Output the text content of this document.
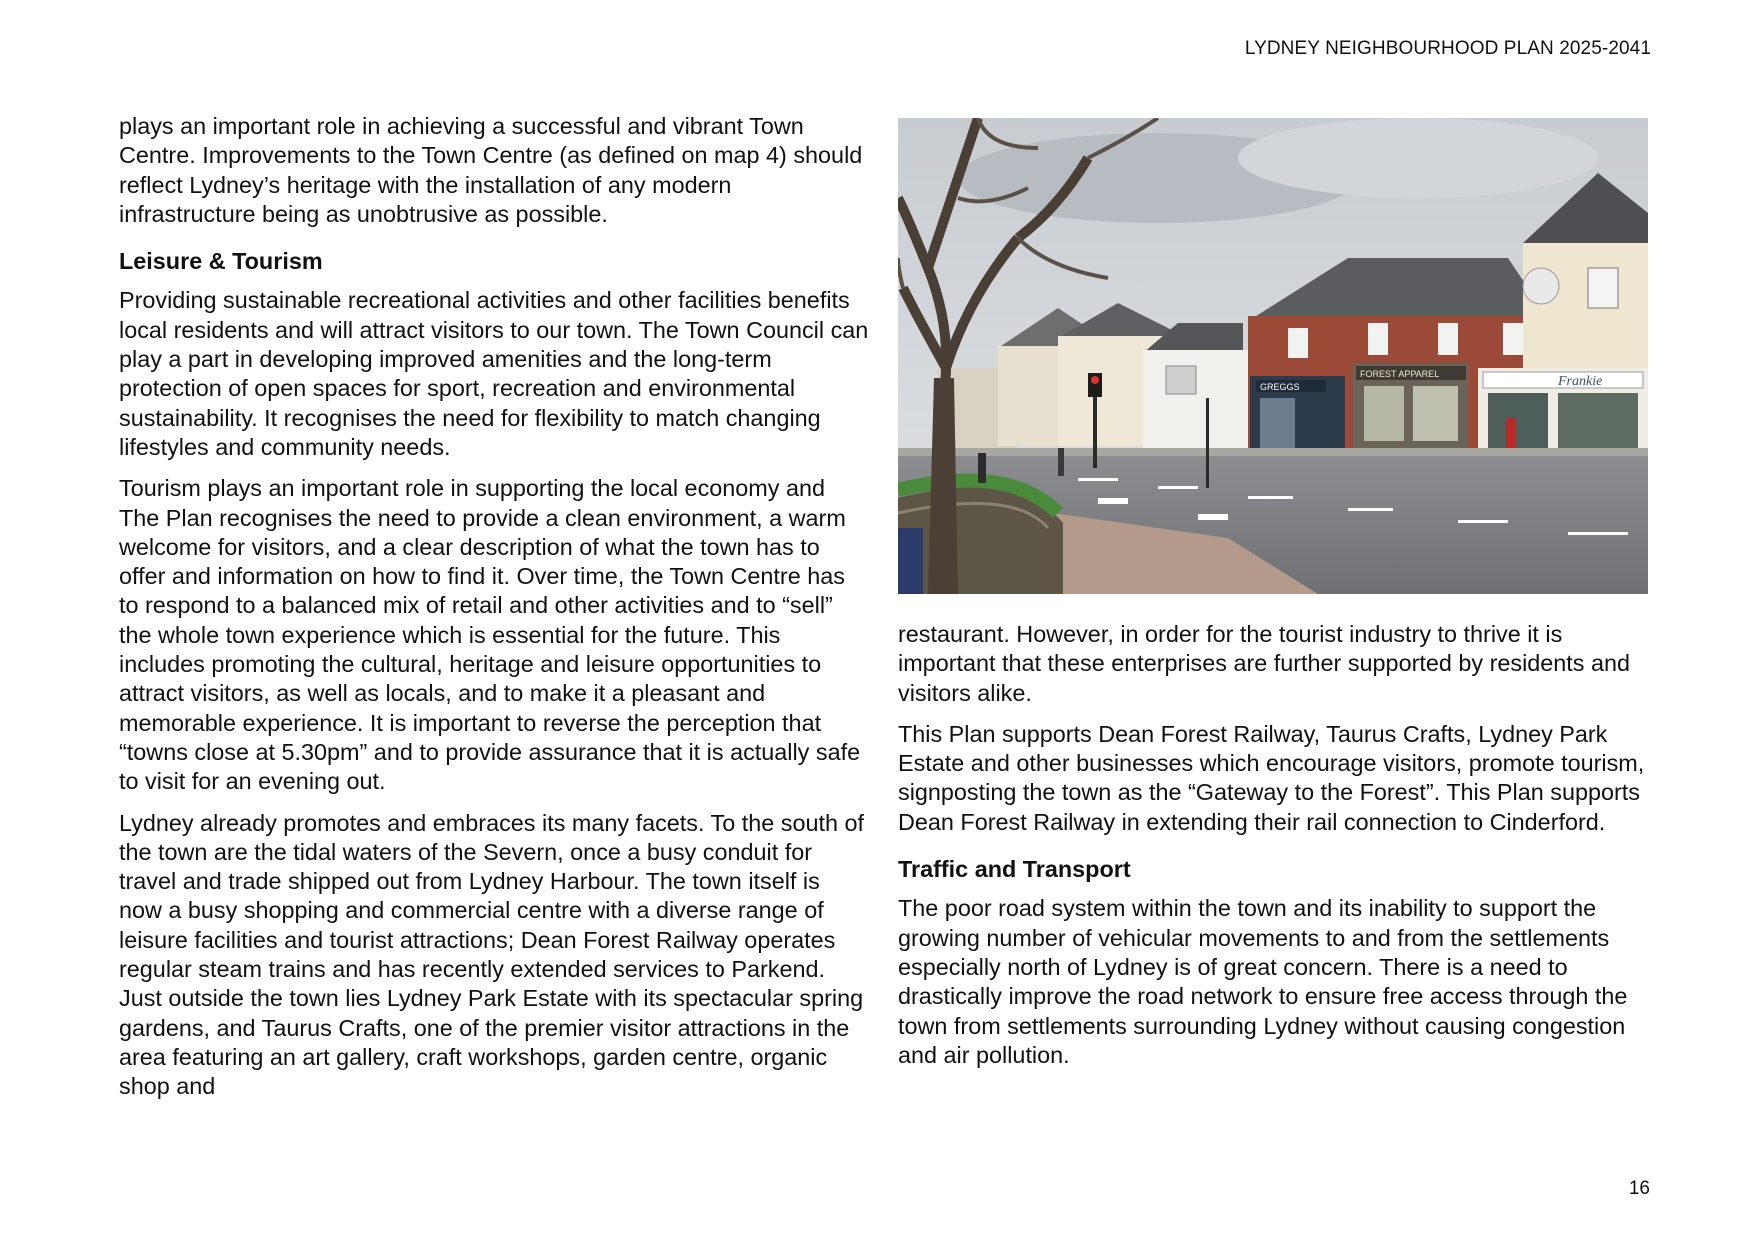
LYDNEY NEIGHBOURHOOD PLAN 2025-2041

plays an important role in achieving a successful and vibrant Town Centre. Improvements to the Town Centre (as defined on map 4) should reflect Lydney’s heritage with the installation of any modern infrastructure being as unobtrusive as possible.

Leisure & Tourism

Providing sustainable recreational activities and other facilities benefits local residents and will attract visitors to our town. The Town Council can play a part in developing improved amenities and the long-term protection of open spaces for sport, recreation and environmental sustainability. It recognises the need for flexibility to match changing lifestyles and community needs.

Tourism plays an important role in supporting the local economy and The Plan recognises the need to provide a clean environment, a warm welcome for visitors, and a clear description of what the town has to offer and information on how to find it. Over time, the Town Centre has to respond to a balanced mix of retail and other activities and to “sell” the whole town experience which is essential for the future. This includes promoting the cultural, heritage and leisure opportunities to attract visitors, as well as locals, and to make it a pleasant and memorable experience. It is important to reverse the perception that “towns close at 5.30pm” and to provide assurance that it is actually safe to visit for an evening out.

Lydney already promotes and embraces its many facets. To the south of the town are the tidal waters of the Severn, once a busy conduit for travel and trade shipped out from Lydney Harbour. The town itself is now a busy shopping and commercial centre with a diverse range of leisure facilities and tourist attractions; Dean Forest Railway operates regular steam trains and has recently extended services to Parkend. Just outside the town lies Lydney Park Estate with its spectacular spring gardens, and Taurus Crafts, one of the premier visitor attractions in the area featuring an art gallery, craft workshops, garden centre, organic shop and

GREGGS
FOREST APPAREL	Frankie

restaurant. However, in order for the tourist industry to thrive it is important that these enterprises are further supported by residents and visitors alike.

This Plan supports Dean Forest Railway, Taurus Crafts, Lydney Park Estate and other businesses which encourage visitors, promote tourism, signposting the town as the “Gateway to the Forest”. This Plan supports Dean Forest Railway in extending their rail connection to Cinderford.

Traffic and Transport

The poor road system within the town and its inability to support the growing number of vehicular movements to and from the settlements especially north of Lydney is of great concern. There is a need to drastically improve the road network to ensure free access through the town from settlements surrounding Lydney without causing congestion and air pollution.

16
